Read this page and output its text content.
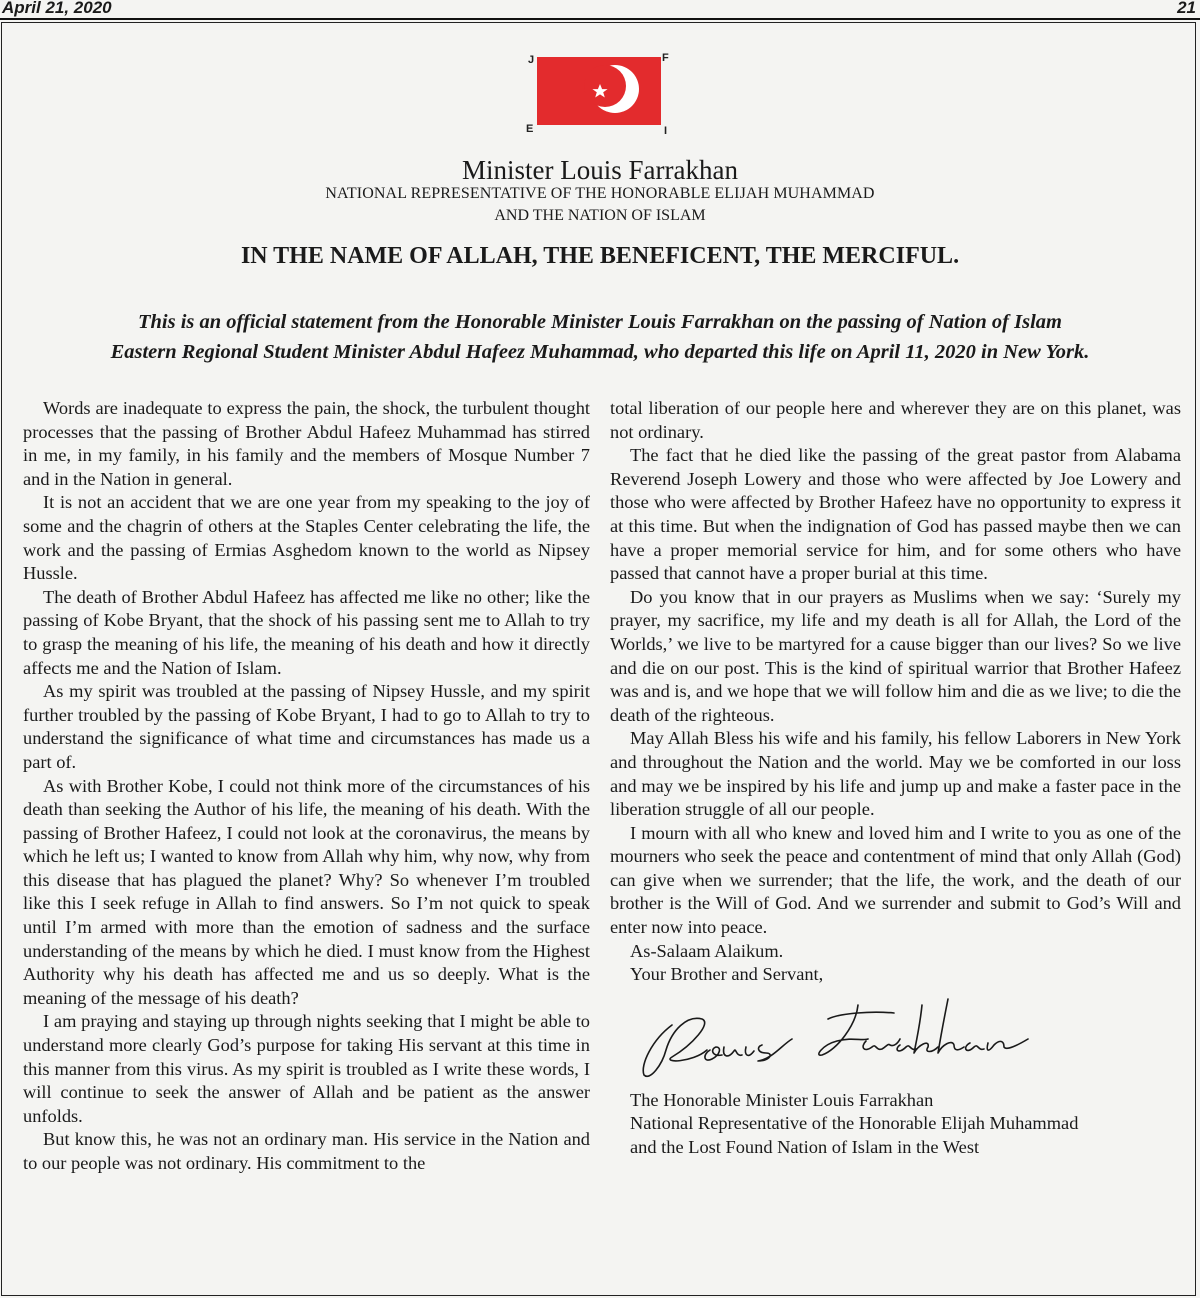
April 21, 2020	21
J	F
E	I
Minister Louis Farrakhan
NATIONAL REPRESENTATIVE OF THE HONORABLE ELIJAH MUHAMMAD
AND THE NATION OF ISLAM
IN THE NAME OF ALLAH, THE BENEFICENT, THE MERCIFUL.
This is an official statement from the Honorable Minister Louis Farrakhan on the passing of Nation of Islam
Eastern Regional Student Minister Abdul Hafeez Muhammad, who departed this life on April 11, 2020 in New York.

Words are inadequate to express the pain, the shock, the turbulent thought processes that the passing of Brother Abdul Hafeez Muhammad has stirred in me, in my family, in his family and the members of Mosque Number 7 and in the Nation in general.

It is not an accident that we are one year from my speaking to the joy of some and the chagrin of others at the Staples Center celebrating the life, the work and the passing of Ermias Asghedom known to the world as Nipsey Hussle.

The death of Brother Abdul Hafeez has affected me like no other; like the passing of Kobe Bryant, that the shock of his passing sent me to Allah to try to grasp the meaning of his life, the meaning of his death and how it directly affects me and the Nation of Islam.

As my spirit was troubled at the passing of Nipsey Hussle, and my spirit further troubled by the passing of Kobe Bryant, I had to go to Allah to try to understand the significance of what time and circumstances has made us a part of.

As with Brother Kobe, I could not think more of the circumstances of his death than seeking the Author of his life, the meaning of his death. With the passing of Brother Hafeez, I could not look at the coronavirus, the means by which he left us; I wanted to know from Allah why him, why now, why from this disease that has plagued the planet? Why? So whenever I’m troubled like this I seek refuge in Allah to find answers. So I’m not quick to speak until I’m armed with more than the emotion of sadness and the surface understanding of the means by which he died. I must know from the Highest Authority why his death has affected me and us so deeply. What is the meaning of the message of his death?

I am praying and staying up through nights seeking that I might be able to understand more clearly God’s purpose for taking His servant at this time in this manner from this virus. As my spirit is troubled as I write these words, I will continue to seek the answer of Allah and be patient as the answer unfolds.

But know this, he was not an ordinary man. His service in the Nation and to our people was not ordinary. His commitment to the

total liberation of our people here and wherever they are on this planet, was not ordinary.

The fact that he died like the passing of the great pastor from Alabama Reverend Joseph Lowery and those who were affected by Joe Lowery and those who were affected by Brother Hafeez have no opportunity to express it at this time. But when the indignation of God has passed maybe then we can have a proper memorial service for him, and for some others who have passed that cannot have a proper burial at this time.

Do you know that in our prayers as Muslims when we say: ‘Surely my prayer, my sacrifice, my life and my death is all for Allah, the Lord of the Worlds,’ we live to be martyred for a cause bigger than our lives? So we live and die on our post. This is the kind of spiritual warrior that Brother Hafeez was and is, and we hope that we will follow him and die as we live; to die the death of the righteous.

May Allah Bless his wife and his family, his fellow Laborers in New York and throughout the Nation and the world. May we be comforted in our loss and may we be inspired by his life and jump up and make a faster pace in the liberation struggle of all our people.

I mourn with all who knew and loved him and I write to you as one of the mourners who seek the peace and contentment of mind that only Allah (God) can give when we surrender; that the life, the work, and the death of our brother is the Will of God. And we surrender and submit to God’s Will and enter now into peace.

As-Salaam Alaikum.

Your Brother and Servant,

The Honorable Minister Louis Farrakhan
National Representative of the Honorable Elijah Muhammad
and the Lost Found Nation of Islam in the West
